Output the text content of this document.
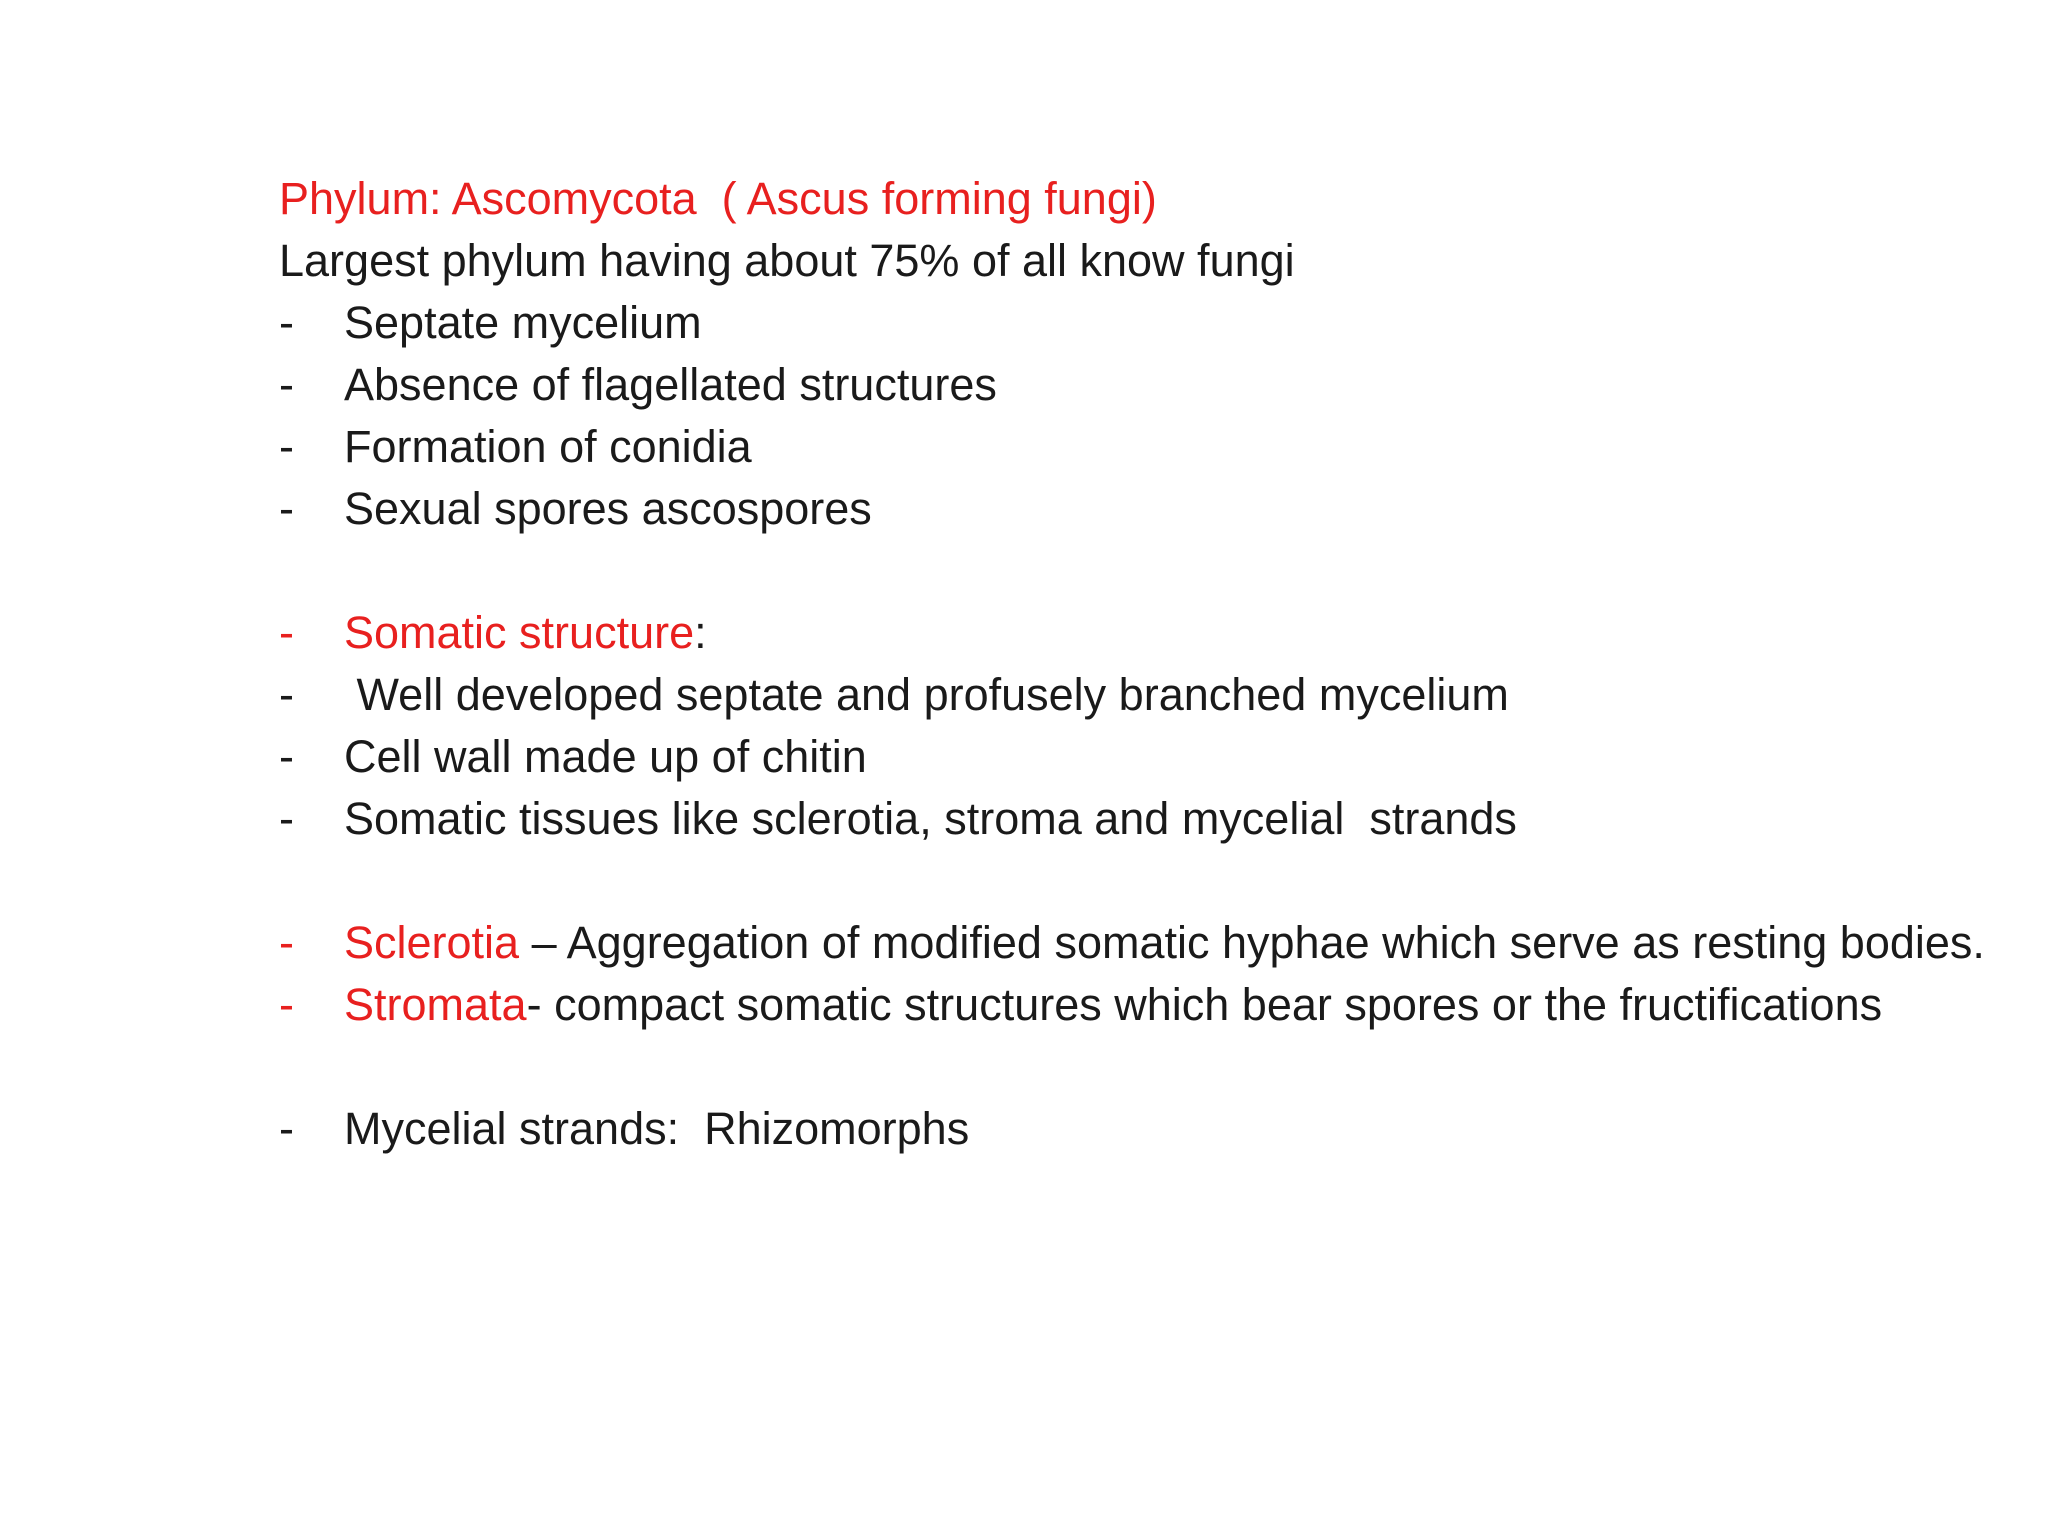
Phylum: Ascomycota  ( Ascus forming fungi)
Largest phylum having about 75% of all know fungi
- Septate mycelium
- Absence of flagellated structures
- Formation of conidia
- Sexual spores ascospores
- Somatic structure:
- Well developed septate and profusely branched mycelium
- Cell wall made up of chitin
- Somatic tissues like sclerotia, stroma and mycelial  strands
- Sclerotia – Aggregation of modified somatic hyphae which serve as resting bodies.
- Stromata- compact somatic structures which bear spores or the fructifications
- Mycelial strands:  Rhizomorphs
